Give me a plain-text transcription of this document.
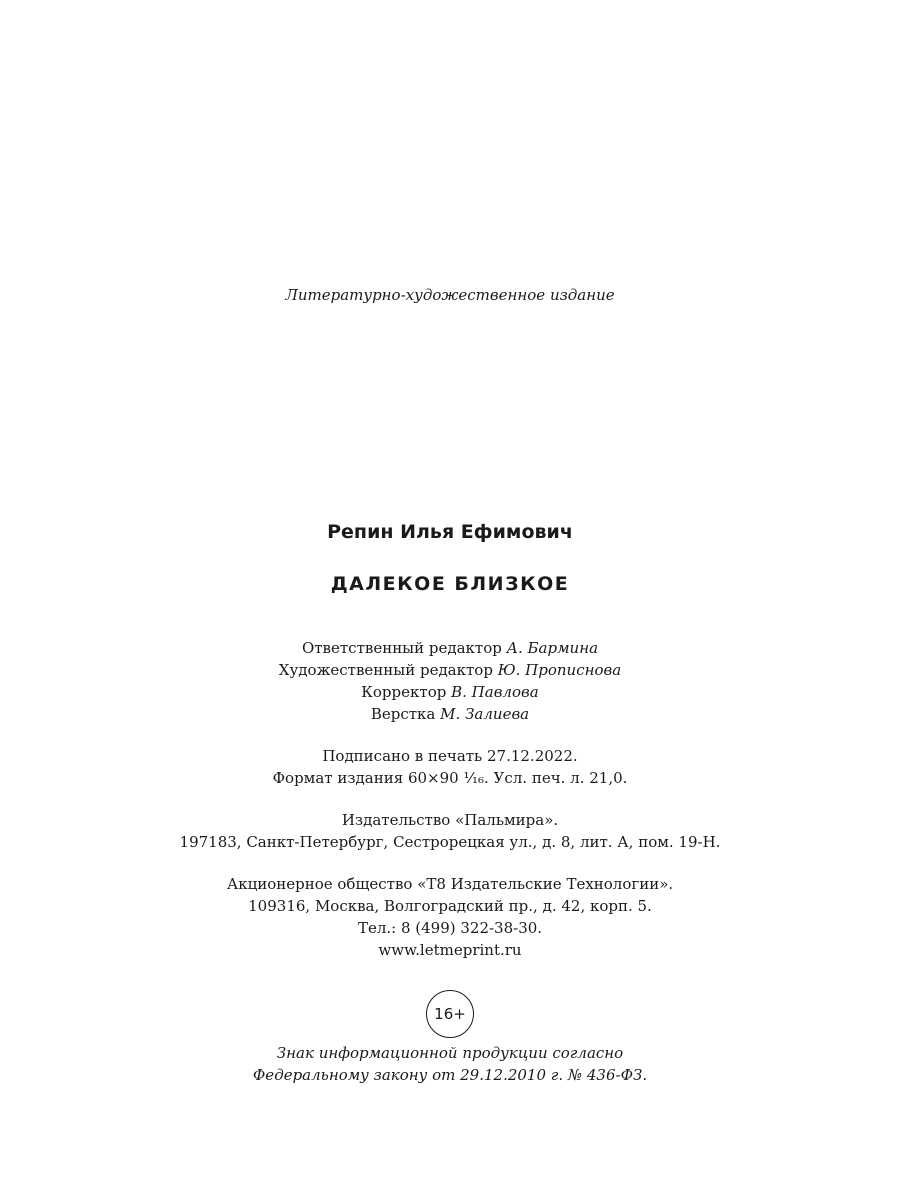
Литературно-художественное издание
Репин Илья Ефимович
ДАЛЕКОЕ БЛИЗКОЕ
Ответственный редактор А. Бармина
Художественный редактор Ю. Прописнова
Корректор В. Павлова
Верстка М. Залиева
Подписано в печать 27.12.2022.
Формат издания 60×90 ¹⁄₁₆. Усл. печ. л. 21,0.
Издательство «Пальмира».
197183, Санкт-Петербург, Сестрорецкая ул., д. 8, лит. А, пом. 19-Н.
Акционерное общество «Т8 Издательские Технологии».
109316, Москва, Волгоградский пр., д. 42, корп. 5.
Тел.: 8 (499) 322-38-30.
www.letmeprint.ru
16+
Знак информационной продукции согласно
Федеральному закону от 29.12.2010 г. № 436-ФЗ.
